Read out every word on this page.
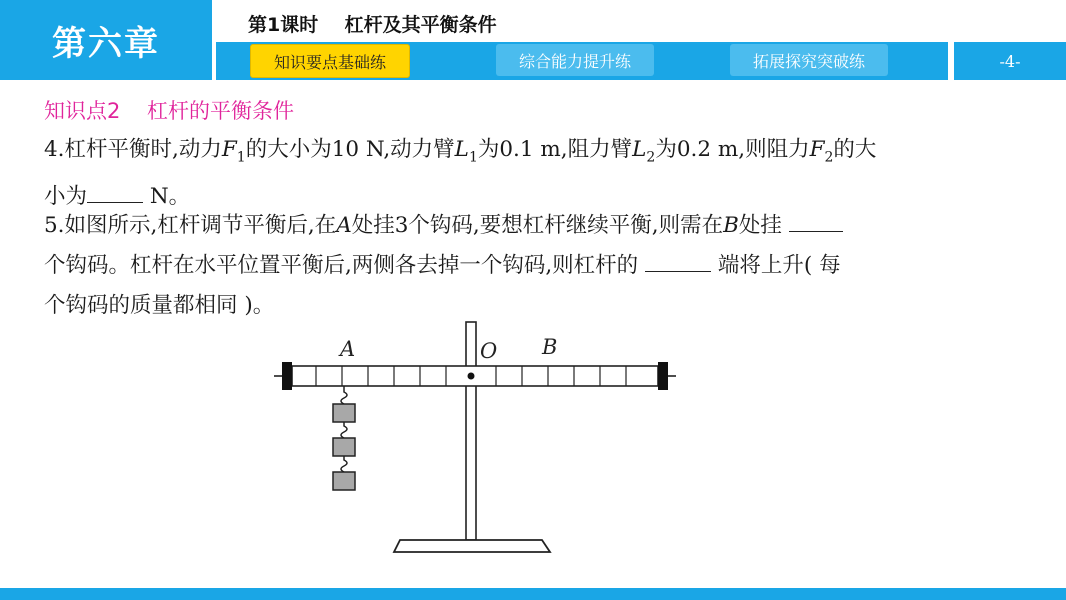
第六章	第1课时    杠杆及其平衡条件
知识要点基础练	综合能力提升练	拓展探究突破练	-4-
知识点2    杠杆的平衡条件
4.杠杆平衡时,动力$F_1$的大小为10 N,动力臂$L_1$为0.1 m,阻力臂$L_2$为0.2 m,则阻力$F_2$的大
小为	N。
5.如图所示,杠杆调节平衡后,在A处挂3个钩码,要想杠杆继续平衡,则需在B处挂
个钩码。杠杆在水平位置平衡后,两侧各去掉一个钩码,则杠杆的	端将上升( 每
个钩码的质量都相同 )。
A	O B
